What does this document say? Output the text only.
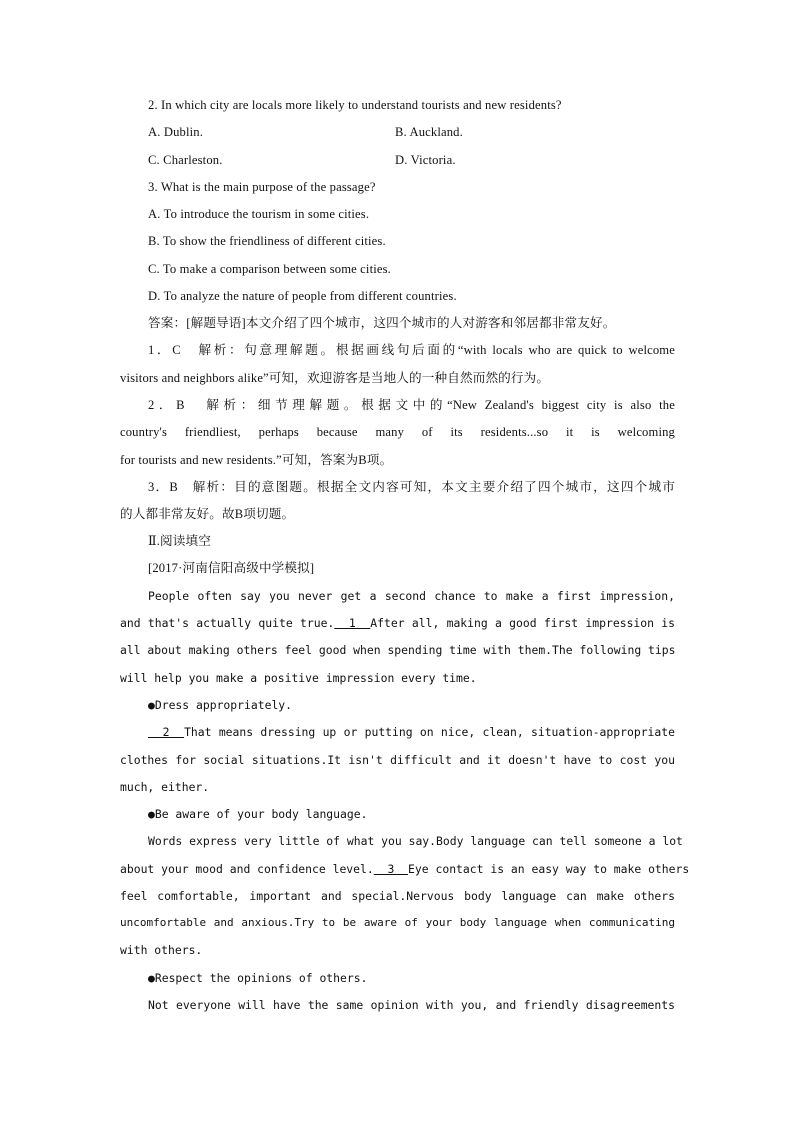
2. In which city are locals more likely to understand tourists and new residents?
A. Dublin.	B. Auckland.
C. Charleston.	D. Victoria.
3. What is the main purpose of the passage?
A. To introduce the tourism in some cities.
B. To show the friendliness of different cities.
C. To make a comparison between some cities.
D. To analyze the nature of people from different countries.
答案：[解题导语]本文介绍了四个城市，这四个城市的人对游客和邻居都非常友好。
1．C　解析：句意理解题。根据画线句后面的“with locals who are quick to welcome
visitors and neighbors alike”可知，欢迎游客是当地人的一种自然而然的行为。
2．B　解析：细节理解题。根据文中的“New Zealand's biggest city is also the
country's friendliest, perhaps because many of its residents...so it is welcoming
for tourists and new residents.”可知，答案为B项。
3．B　解析：目的意图题。根据全文内容可知，本文主要介绍了四个城市，这四个城市
的人都非常友好。故B项切题。
Ⅱ.阅读填空
[2017·河南信阳高级中学模拟]
People often say you never get a second chance to make a first impression,
and that's actually quite true.  1  After all, making a good first impression is
all about making others feel good when spending time with them.The following tips
will help you make a positive impression every time.
●Dress appropriately.
2  That means dressing up or putting on nice, clean, situation-appropriate
clothes for social situations.It isn't difficult and it doesn't have to cost you
much, either.
●Be aware of your body language.
Words express very little of what you say.Body language can tell someone a lot
about your mood and confidence level.  3  Eye contact is an easy way to make others
feel comfortable, important and special.Nervous body language can make others
uncomfortable and anxious.Try to be aware of your body language when communicating
with others.
●Respect the opinions of others.
Not everyone will have the same opinion with you, and friendly disagreements
